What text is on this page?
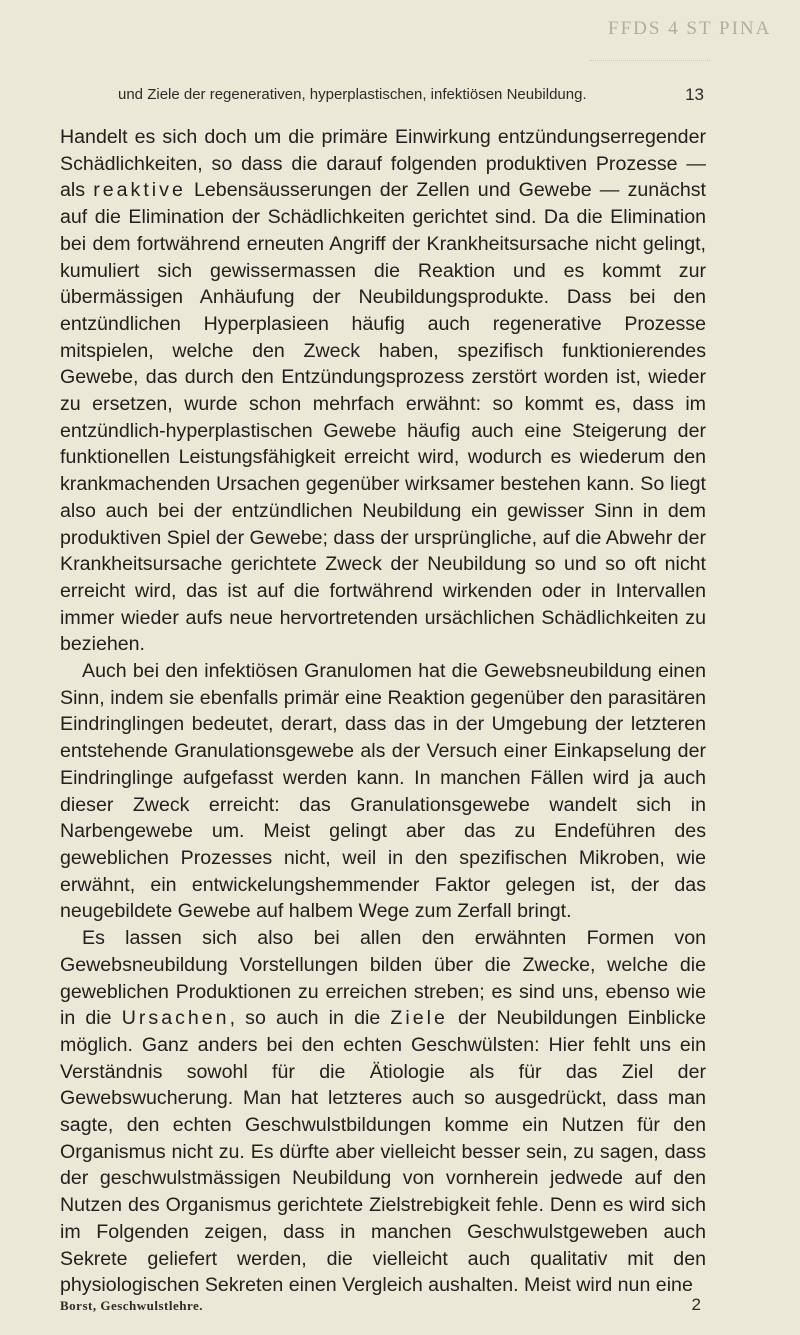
FFDS 4 ST PINA
und Ziele der regenerativen, hyperplastischen, infektiösen Neubildung.	13

Handelt es sich doch um die primäre Einwirkung entzündungserregender Schädlichkeiten, so dass die darauf folgenden produktiven Prozesse — als reaktive Lebensäusserungen der Zellen und Gewebe — zunächst auf die Elimination der Schädlichkeiten gerichtet sind. Da die Elimination bei dem fortwährend erneuten Angriff der Krankheitsursache nicht gelingt, kumuliert sich gewissermassen die Reaktion und es kommt zur übermässigen Anhäufung der Neubildungsprodukte. Dass bei den entzündlichen Hyperplasieen häufig auch regenerative Prozesse mitspielen, welche den Zweck haben, spezifisch funktionierendes Gewebe, das durch den Entzündungsprozess zerstört worden ist, wieder zu ersetzen, wurde schon mehrfach erwähnt: so kommt es, dass im entzündlich-hyperplastischen Gewebe häufig auch eine Steigerung der funktionellen Leistungsfähigkeit erreicht wird, wodurch es wiederum den krankmachenden Ursachen gegenüber wirksamer bestehen kann. So liegt also auch bei der entzündlichen Neubildung ein gewisser Sinn in dem produktiven Spiel der Gewebe; dass der ursprüngliche, auf die Abwehr der Krankheitsursache gerichtete Zweck der Neubildung so und so oft nicht erreicht wird, das ist auf die fortwährend wirkenden oder in Intervallen immer wieder aufs neue hervortretenden ursächlichen Schädlichkeiten zu beziehen.

Auch bei den infektiösen Granulomen hat die Gewebsneubildung einen Sinn, indem sie ebenfalls primär eine Reaktion gegenüber den parasitären Eindringlingen bedeutet, derart, dass das in der Umgebung der letzteren entstehende Granulationsgewebe als der Versuch einer Einkapselung der Eindringlinge aufgefasst werden kann. In manchen Fällen wird ja auch dieser Zweck erreicht: das Granulationsgewebe wandelt sich in Narbengewebe um. Meist gelingt aber das zu Endeführen des geweblichen Prozesses nicht, weil in den spezifischen Mikroben, wie erwähnt, ein entwickelungshemmender Faktor gelegen ist, der das neugebildete Gewebe auf halbem Wege zum Zerfall bringt.

Es lassen sich also bei allen den erwähnten Formen von Gewebsneubildung Vorstellungen bilden über die Zwecke, welche die geweblichen Produktionen zu erreichen streben; es sind uns, ebenso wie in die Ursachen, so auch in die Ziele der Neubildungen Einblicke möglich. Ganz anders bei den echten Geschwülsten: Hier fehlt uns ein Verständnis sowohl für die Ätiologie als für das Ziel der Gewebswucherung. Man hat letzteres auch so ausgedrückt, dass man sagte, den echten Geschwulstbildungen komme ein Nutzen für den Organismus nicht zu. Es dürfte aber vielleicht besser sein, zu sagen, dass der geschwulstmässigen Neubildung von vornherein jedwede auf den Nutzen des Organismus gerichtete Zielstrebigkeit fehle. Denn es wird sich im Folgenden zeigen, dass in manchen Geschwulstgeweben auch Sekrete geliefert werden, die vielleicht auch qualitativ mit den physiologischen Sekreten einen Vergleich aushalten. Meist wird nun eine

Borst, Geschwulstlehre.	2
